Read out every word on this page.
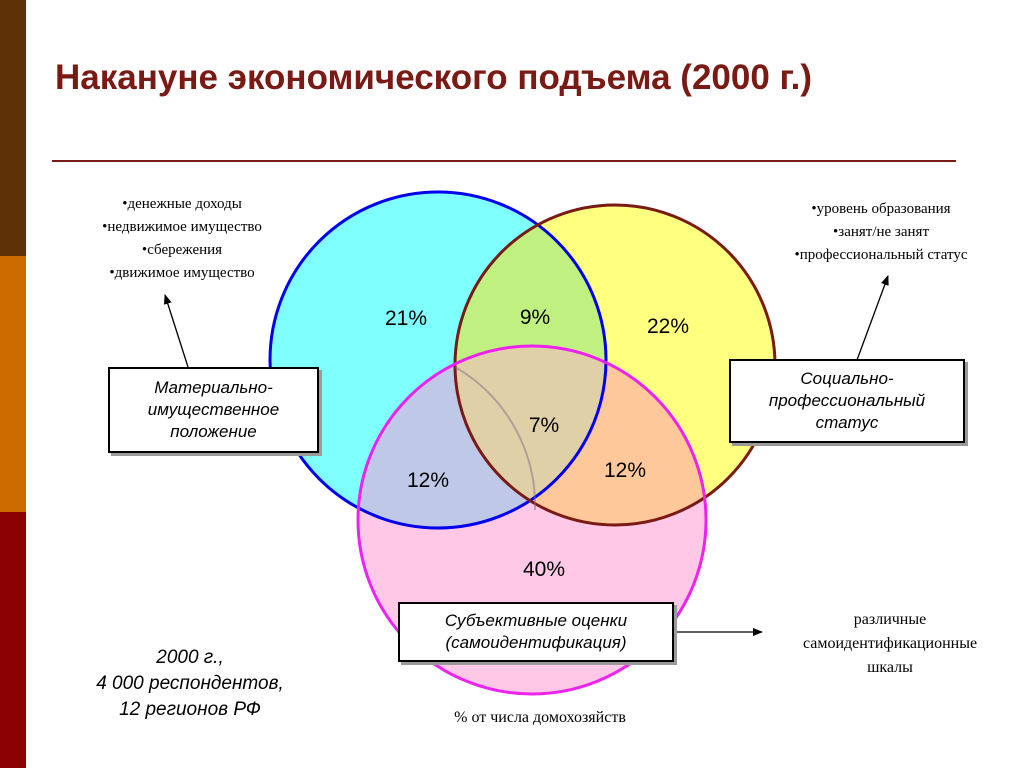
Накануне экономического подъема (2000 г.)
21%	9%	22%
7%
12%	12%
40%
• денежные доходы
• недвижимое имущество
• сбережения
• движимое имущество
• уровень образования
• занят/не занят
• профессиональный статус
Материально-
имущественное
положение
Социально-
профессиональный
статус
Субъективные оценки
(самоидентификация)
различные
самоидентификационные
шкалы
2000 г.,
4 000 респондентов,
12 регионов РФ	% от числа домохозяйств
